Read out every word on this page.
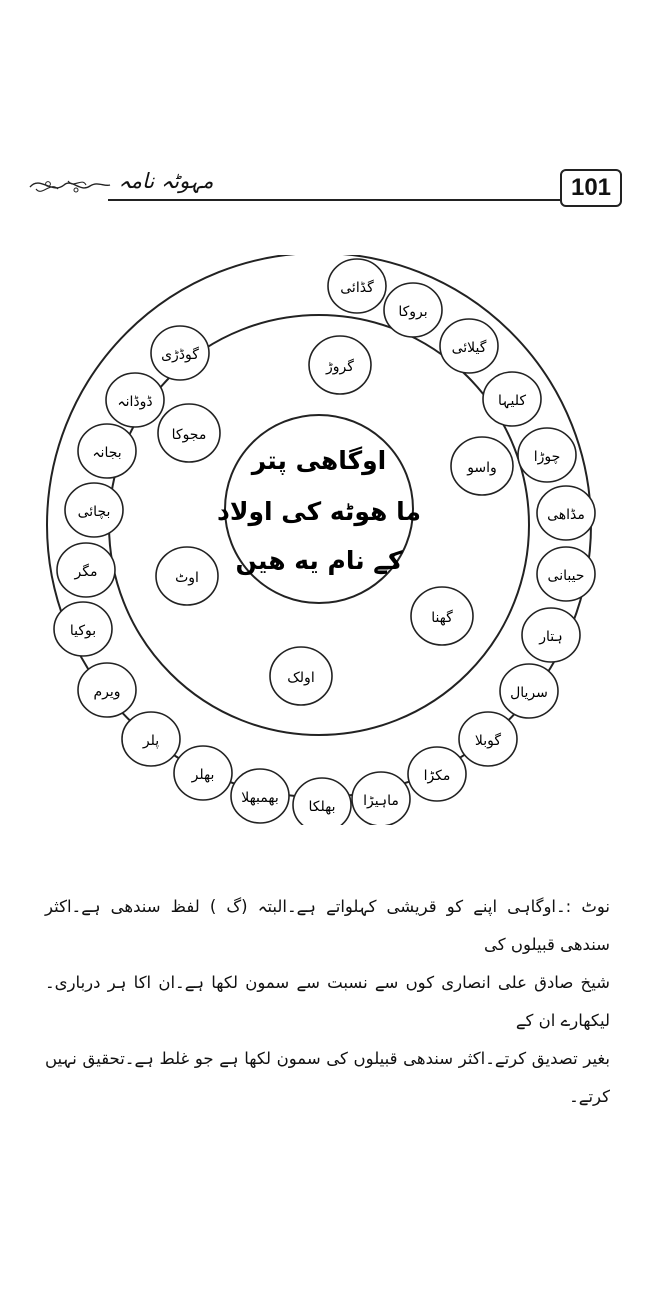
مہوٹہ نامہ	101
اوگاھی پتر
ما ھوٹه کی اولاد
کے نام یه هیں
گروڑ
واسو
گھنا
اولک
اوٹ
مجوکا
گڈائی
بروکا
گیلائی
کلیہا
چوڑا
مڈاھی
حیبانی
ہتار
سریال
گوبلا
مکڑا
ماہیڑا
بھلکا
بھمبھلا
بھلر
پلر
ویرم
بوکیا
مگر
بچائی
بجانہ
ڈوڈانہ
گوڈڑی

نوٹ :۔اوگاہی اپنے کو قریشی کہلواتے ہے۔البتہ (گ ) لفظ سندھی ہے۔اکثر سندھی قبیلوں کی

شیخ صادق علی انصاری کوں سے نسبت سے سمون لکھا ہے۔ان اکا ہر درباری۔لیکھارے ان کے

بغیر تصدیق کرتے۔اکثر سندھی قبیلوں کی سمون لکھا ہے جو غلط ہے۔تحقیق نہیں کرتے۔
